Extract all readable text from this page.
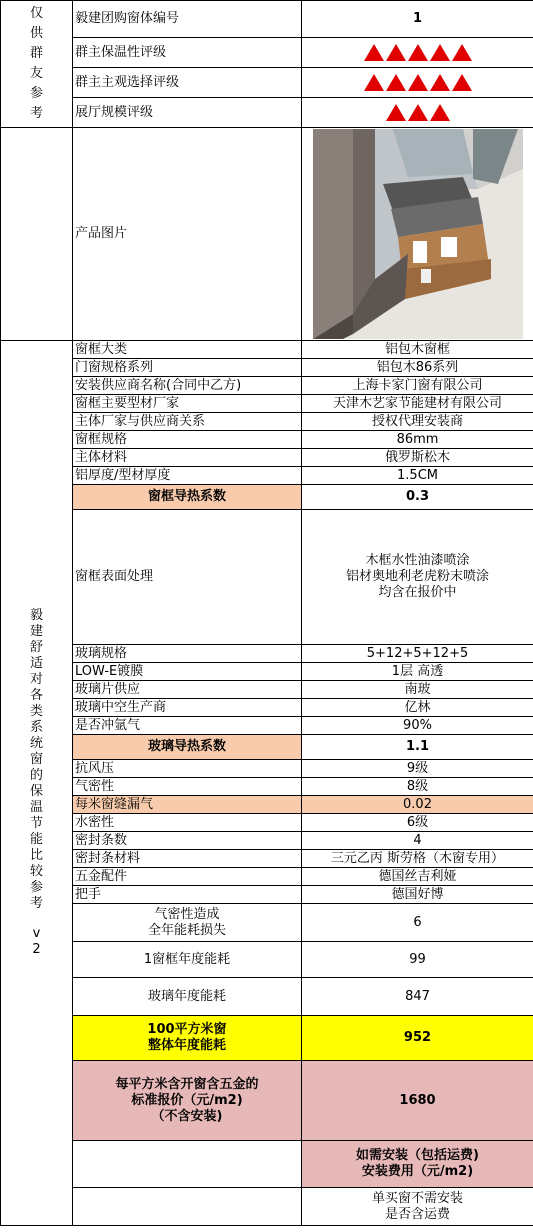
仅供群友参考	毅建团购窗体编号	1	
	群主保温性评级		
	群主主观选择评级		
	展厅规模评级		
	产品图片	

毅建舒适对各类系统窗的保温节能比较参考
v2	窗框大类	铝包木窗框	
	门窗规格系列	铝包木86系列	
	安装供应商名称(合同中乙方)	上海卡家门窗有限公司	
	窗框主要型材厂家	天津木艺家节能建材有限公司	
	主体厂家与供应商关系	授权代理安装商	
	窗框规格	86mm	
	主体材料	俄罗斯松木	
	铝厚度/型材厚度	1.5CM	
	窗框导热系数	0.3	
	窗框表面处理	木框水性油漆喷涂
铝材奥地利老虎粉末喷涂
均含在报价中	

	玻璃规格	5+12+5+12+5	
	LOW-E镀膜	1层 高透	
	玻璃片供应	南玻	
	玻璃中空生产商	亿林	
	是否冲氩气	90%	
	玻璃导热系数	1.1	
	抗风压	9级	
	气密性	8级	
	每米窗缝漏气	0.02	
	水密性	6级	
	密封条数	4	
	密封条材料	三元乙丙 斯劳格（木窗专用）	
	五金配件	德国丝吉利娅	
	把手	德国好博	

	气密性造成
全年能耗损失	6	
	1窗框年度能耗	99	
	玻璃年度能耗	847	

	100平方米窗
整体年度能耗	952	

	每平方米含开窗含五金的
标准报价（元/m2)
（不含安装)	1680	

		如需安装（包括运费)
安装费用（元/m2)

		单买窗不需安装
是否含运费
